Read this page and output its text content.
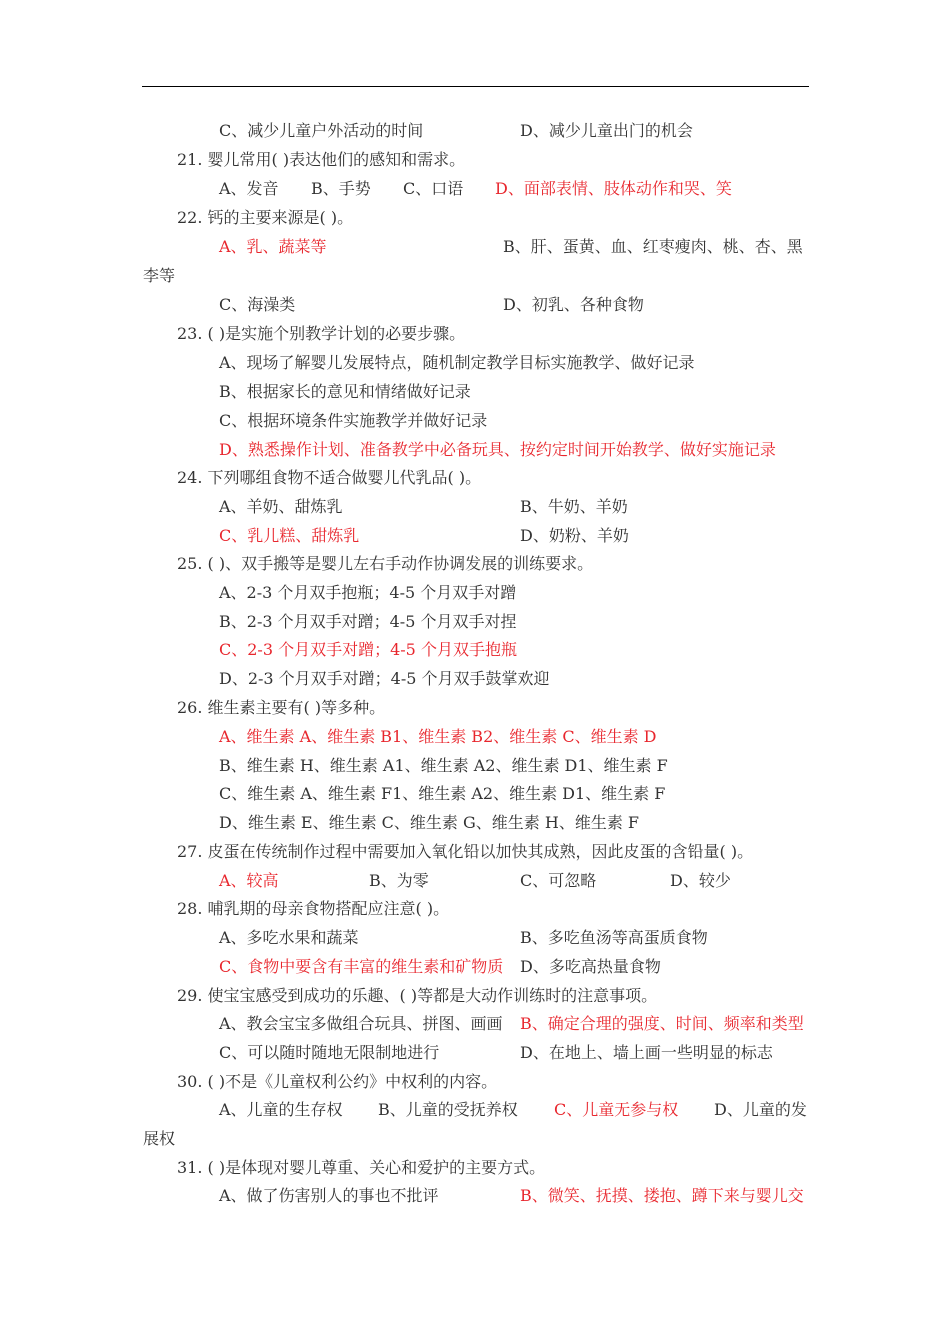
C、减少儿童户外活动的时间	D、减少儿童出门的机会
21. 婴儿常用( )表达他们的感知和需求。
A、发音 B、手势 C、口语 D、面部表情、肢体动作和哭、笑
22. 钙的主要来源是( )。
A、乳、蔬菜等	B、肝、蛋黄、血、红枣瘦肉、桃、杏、黑
李等
C、海澡类	D、初乳、各种食物
23. ( )是实施个别教学计划的必要步骤。
A、现场了解婴儿发展特点，随机制定教学目标实施教学、做好记录
B、根据家长的意见和情绪做好记录
C、根据环境条件实施教学并做好记录
D、熟悉操作计划、准备教学中必备玩具、按约定时间开始教学、做好实施记录
24. 下列哪组食物不适合做婴儿代乳品( )。
A、羊奶、甜炼乳	B、牛奶、羊奶
C、乳儿糕、甜炼乳	D、奶粉、羊奶
25. ( )、双手搬等是婴儿左右手动作协调发展的训练要求。
A、2-3 个月双手抱瓶；4-5 个月双手对蹭
B、2-3 个月双手对蹭；4-5 个月双手对捏
C、2-3 个月双手对蹭；4-5 个月双手抱瓶
D、2-3 个月双手对蹭；4-5 个月双手鼓掌欢迎
26. 维生素主要有( )等多种。
A、维生素 A、维生素 B1、维生素 B2、维生素 C、维生素 D
B、维生素 H、维生素 A1、维生素 A2、维生素 D1、维生素 F
C、维生素 A、维生素 F1、维生素 A2、维生素 D1、维生素 F
D、维生素 E、维生素 C、维生素 G、维生素 H、维生素 F
27. 皮蛋在传统制作过程中需要加入氧化铅以加快其成熟，因此皮蛋的含铅量( )。
A、较高	B、为零	C、可忽略	D、较少
28. 哺乳期的母亲食物搭配应注意( )。
A、多吃水果和蔬菜	B、多吃鱼汤等高蛋质食物
C、食物中要含有丰富的维生素和矿物质 D、多吃高热量食物
29. 使宝宝感受到成功的乐趣、( )等都是大动作训练时的注意事项。
A、教会宝宝多做组合玩具、拼图、画画 B、确定合理的强度、时间、频率和类型
C、可以随时随地无限制地进行	D、在地上、墙上画一些明显的标志
30. ( )不是《儿童权利公约》中权利的内容。
A、儿童的生存权 B、儿童的受抚养权 C、儿童无参与权 D、儿童的发
展权
31. ( )是体现对婴儿尊重、关心和爱护的主要方式。
A、做了伤害别人的事也不批评	B、微笑、抚摸、搂抱、蹲下来与婴儿交
